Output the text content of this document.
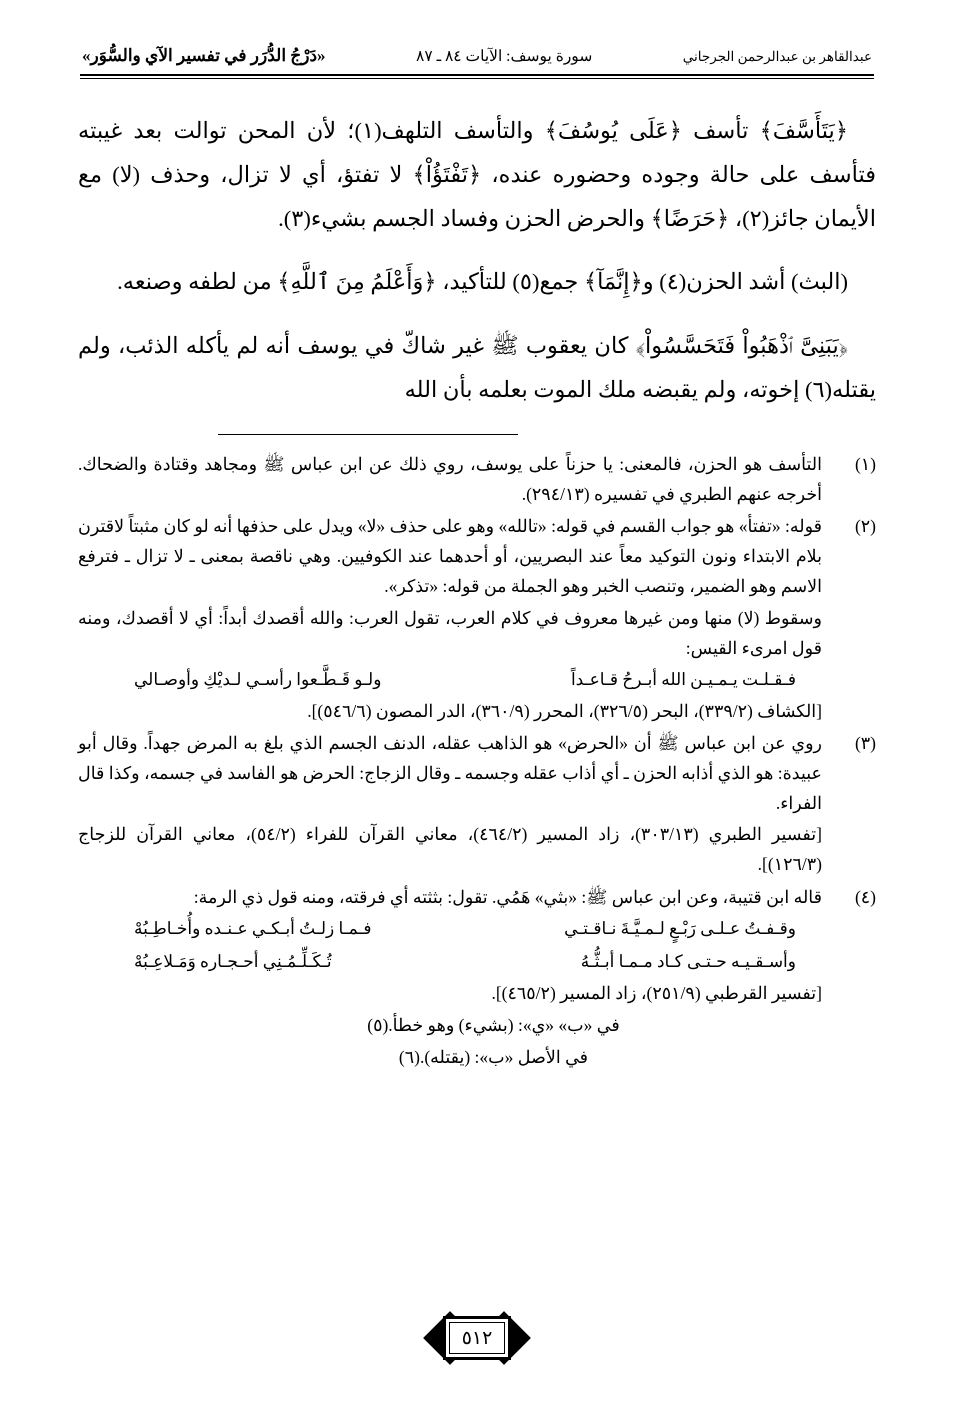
«دَرْجُ الدُّرَر في تفسير الآي والسُّوَر»	سورة يوسف: الآيات ٨٤ ـ ٨٧	عبدالقاهر بن عبدالرحمن الجرجاني

﴿يَتَأَسَّفَ﴾ تأسف ﴿عَلَى يُوسُفَ﴾ والتأسف التلهف(١)؛ لأن المحن توالت بعد غيبته فتأسف على حالة وجوده وحضوره عنده، ﴿تَفْتَؤُاْ﴾ لا تفتؤ، أي لا تزال، وحذف (لا) مع الأيمان جائز(٢)، ﴿حَرَضًا﴾ والحرض الحزن وفساد الجسم بشيء(٣).

(البث) أشد الحزن(٤) و﴿إِنَّمَآ﴾ جمع(٥) للتأكيد، ﴿وَأَعْلَمُ مِنَ ٱللَّهِ﴾ من لطفه وصنعه.

﴿يَبَنِىَّ ٱذْهَبُواْ فَتَحَسَّسُواْ﴾ كان يعقوب ﷺ غير شاكّ في يوسف أنه لم يأكله الذئب، ولم يقتله(٦) إخوته، ولم يقبضه ملك الموت بعلمه بأن الله

(١)

التأسف هو الحزن، فالمعنى: يا حزناً على يوسف، روي ذلك عن ابن عباس ﷺ ومجاهد وقتادة والضحاك. أخرجه عنهم الطبري في تفسيره (٢٩٤/١٣).

(٢)

قوله: «تفتأ» هو جواب القسم في قوله: «تالله» وهو على حذف «لا» ويدل على حذفها أنه لو كان مثبتاً لاقترن بلام الابتداء ونون التوكيد معاً عند البصريين، أو أحدهما عند الكوفيين. وهي ناقصة بمعنى ـ لا تزال ـ فترفع الاسم وهو الضمير، وتنصب الخبر وهو الجملة من قوله: «تذكر».

وسقوط (لا) منها ومن غيرها معروف في كلام العرب، تقول العرب: والله أقصدك أبداً: أي لا أقصدك، ومنه قول امرىء القيس:

فـقـلـت يـمـيـن الله أبـرحُ قـاعـداً
ولـو قَـطَّـعوا رأسـي لـديْكِ وأوصـالي

[الكشاف (٣٣٩/٢)، البحر (٣٢٦/٥)، المحرر (٣٦٠/٩)، الدر المصون (٥٤٦/٦)].

(٣)

روي عن ابن عباس ﷺ أن «الحرض» هو الذاهب عقله، الدنف الجسم الذي بلغ به المرض جهداً. وقال أبو عبيدة: هو الذي أذابه الحزن ـ أي أذاب عقله وجسمه ـ وقال الزجاج: الحرض هو الفاسد في جسمه، وكذا قال الفراء.

[تفسير الطبري (٣٠٣/١٣)، زاد المسير (٤٦٤/٢)، معاني القرآن للفراء (٥٤/٢)، معاني القرآن للزجاج (١٢٦/٣)].

(٤)

قاله ابن قتيبة، وعن ابن عباس ﷺ: «بثي» هَمُي. تقول: بثثته أي فرقته، ومنه قول ذي الرمة:

وقـفـتُ عـلـى رَبْـعٍ لـمـيَّـةَ نـاقـتـي
فـمـا زلـتُ أبـكـي عـنـده وأُخـاطِـبُهْ
وأسـقـيـه حـتـى كـاد مـمـا أبـثُّـهُ
تُـكَـلِّـمُـنِي أحـجـاره وَمَـلاعِـبُهْ

[تفسير القرطبي (٢٥١/٩)، زاد المسير (٤٦٥/٢)].

في «ب» «ي»: (بشيء) وهو خطأ.

(٥)

في الأصل «ب»: (يقتله).

(٦)
٥١٢
